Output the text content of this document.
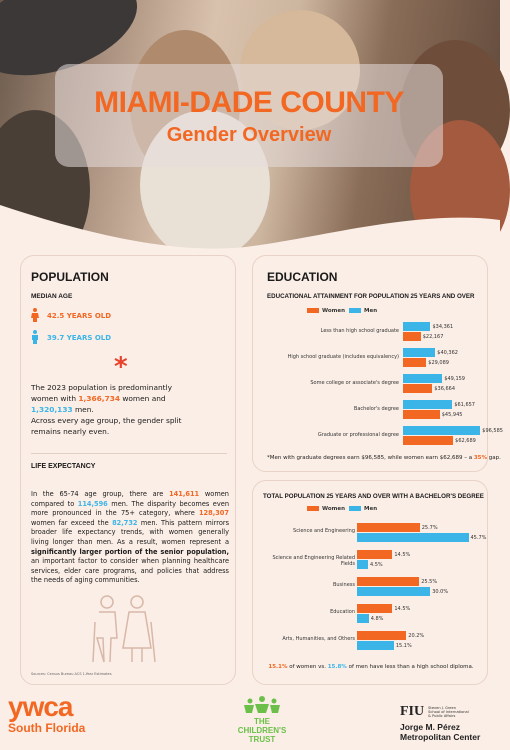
MIAMI-DADE COUNTY
Gender Overview
POPULATION
MEDIAN AGE
42.5 YEARS OLD
39.7 YEARS OLD
*
The 2023 population is predominantly women with 1,366,734 women and 1,320,133 men.
Across every age group, the gender split remains nearly even.
LIFE EXPECTANCY
In the 65-74 age group, there are 141,611 women compared to 114,596 men. The disparity becomes even more pronounced in the 75+ category, where 128,307 women far exceed the 82,732 men. This pattern mirrors broader life expectancy trends, with women generally living longer than men. As a result, women represent a significantly larger portion of the senior population, an important factor to consider when planning healthcare services, elder care programs, and policies that address the needs of aging communities.
Sources: Census Bureau ACS 1-Year Estimates
EDUCATION
EDUCATIONAL ATTAINMENT FOR POPULATION 25 YEARS AND OVER
Women	Men
Less than high school graduate
$34,361
$22,167
High school graduate (includes equivalency)
$40,362
$29,089
Some college or associate's degree
$49,159
$36,664
Bachelor's degree
$61,657
$45,945
Graduate or professional degree
$96,585
$62,689
*Men with graduate degrees earn $96,585, while women earn $62,689 – a 35% gap.
TOTAL POPULATION 25 YEARS AND OVER WITH A BACHELOR'S DEGREE
Women	Men
Science and Engineering	25.7%
45.7%
Science and Engineering Related Fields
14.5%
4.5%
Business	25.5%
30.0%
Education	14.5%
4.8%
Arts, Humanities, and Others	20.2%
15.1%
15.1% of women vs. 15.8% of men have less than a high school diploma.
ywca
South Florida	THE
CHILDREN'S
TRUST
FIU Steven J. Green
School of International
& Public Affairs
Jorge M. Pérez
Metropolitan Center
